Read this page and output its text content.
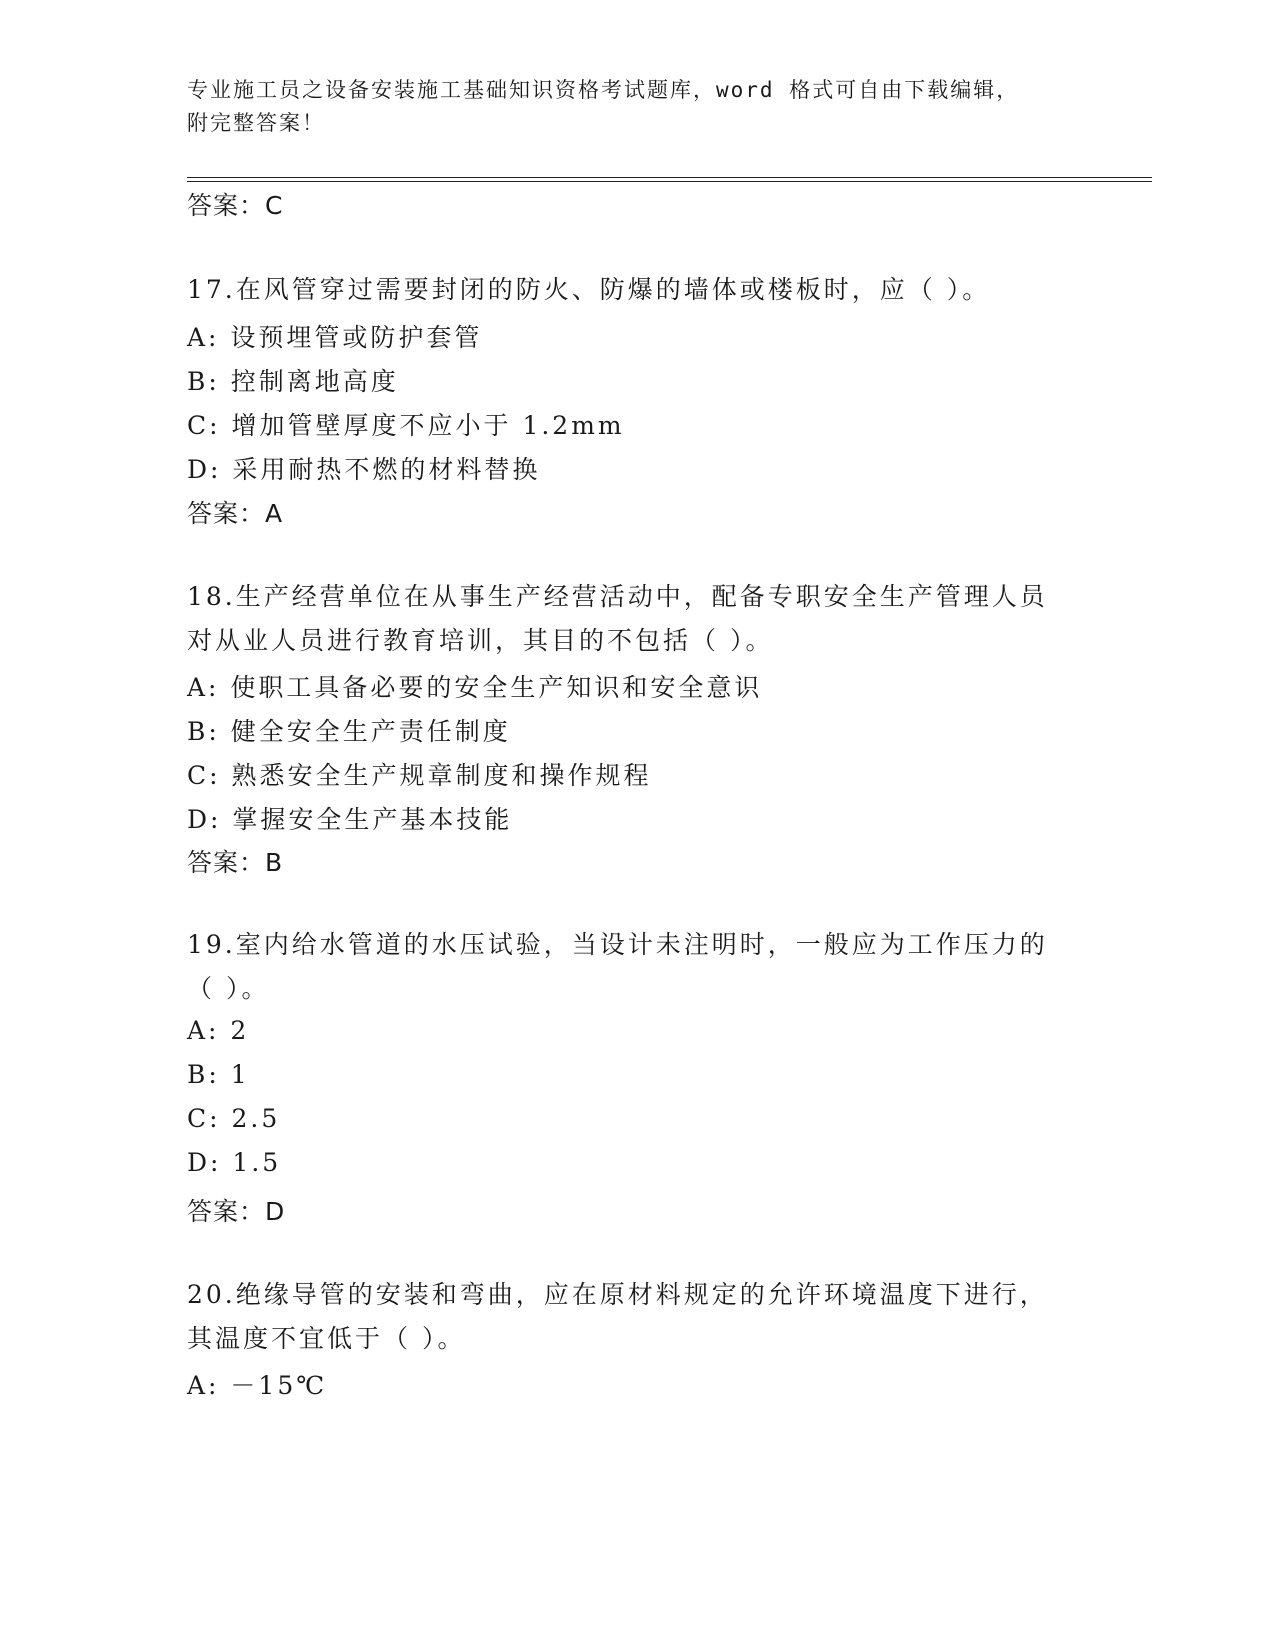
专业施工员之设备安装施工基础知识资格考试题库，word 格式可自由下载编辑，
附完整答案！
答案：C
17.在风管穿过需要封闭的防火、防爆的墙体或楼板时，应（ ）。
A: 设预埋管或防护套管
B: 控制离地高度
C: 增加管壁厚度不应小于 1.2mm
D: 采用耐热不燃的材料替换
答案：A
18.生产经营单位在从事生产经营活动中，配备专职安全生产管理人员
对从业人员进行教育培训，其目的不包括（ ）。
A: 使职工具备必要的安全生产知识和安全意识
B: 健全安全生产责任制度
C: 熟悉安全生产规章制度和操作规程
D: 掌握安全生产基本技能
答案：B
19.室内给水管道的水压试验，当设计未注明时，一般应为工作压力的
（ ）。
A: 2
B: 1
C: 2.5
D: 1.5
答案：D
20.绝缘导管的安装和弯曲，应在原材料规定的允许环境温度下进行，
其温度不宜低于（ ）。
A: －15℃
